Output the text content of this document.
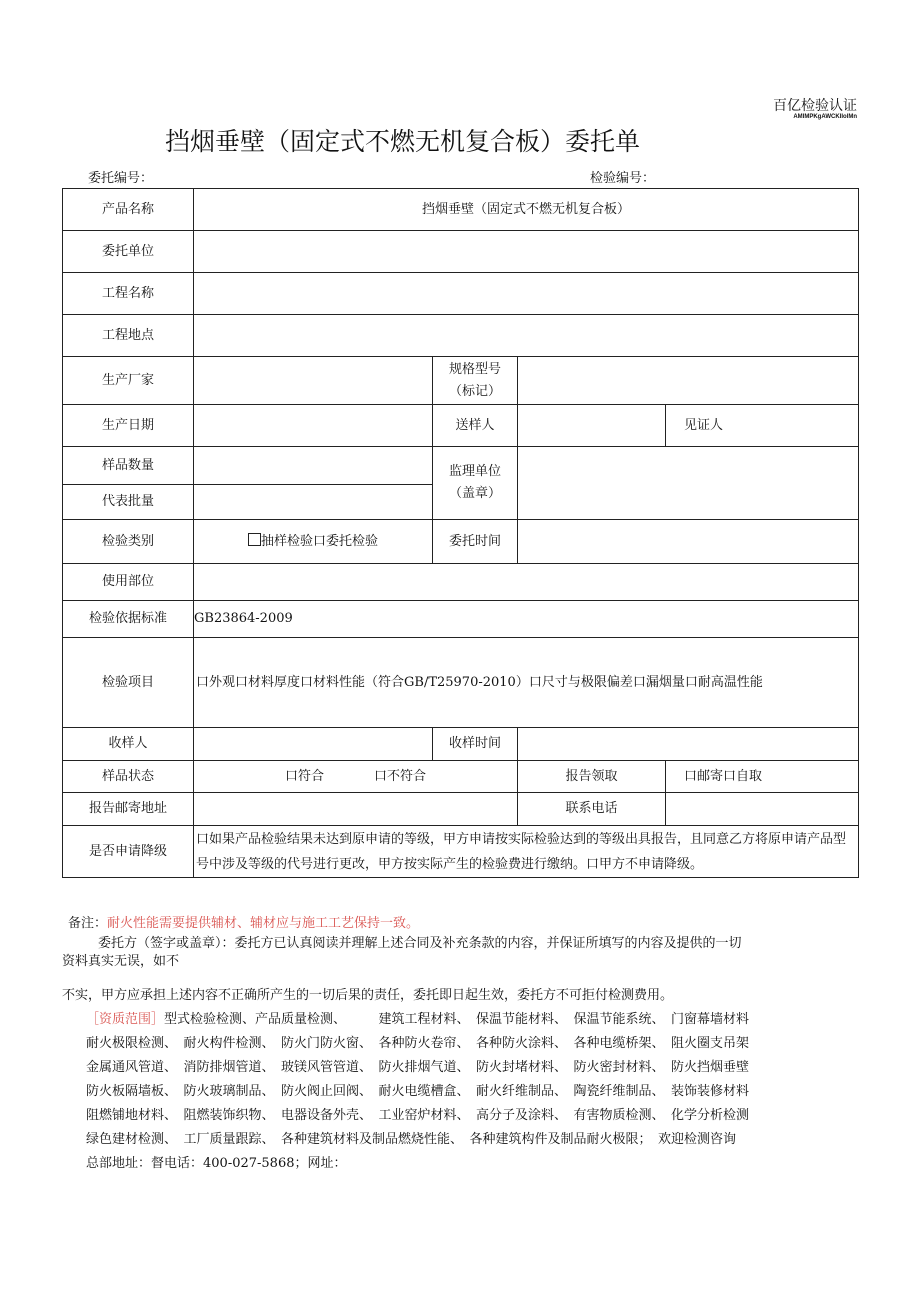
百亿检验认证
AMIMPKgAWCKIIolMn
挡烟垂壁（固定式不燃无机复合板）委托单
委托编号：	检验编号：
产品名称	挡烟垂壁（固定式不燃无机复合板）			
委托单位				
工程名称				
工程地点				
生产厂家		规格型号
（标记）		
生产日期		送样人		见证人
样品数量		监理单位
（盖章）		
代表批量				
检验类别	抽样检验口委托检验	委托时间		
使用部位				
检验依据标准	GB23864-2009			
检验项目	口外观口材料厚度口材料性能（符合GB/T25970-2010）口尺寸与极限偏差口漏烟量口耐高温性能			
收样人		收样时间		
样品状态	口符合 口不符合		报告领取	口邮寄口自取
报告邮寄地址			联系电话	
是否申请降级	口如果产品检验结果未达到原申请的等级，甲方申请按实际检验达到的等级出具报告，且同意乙方将原申请产品型号中涉及等级的代号进行更改，甲方按实际产生的检验费进行缴纳。口甲方不申请降级。			
备注：耐火性能需要提供辅材、辅材应与施工工艺保持一致。
委托方（签字或盖章）：委托方已认真阅读并理解上述合同及补充条款的内容，并保证所填写的内容及提供的一切
资料真实无误，如不
不实，甲方应承担上述内容不正确所产生的一切后果的责任，委托即日起生效，委托方不可拒付检测费用。
［资质范围］型式检验检测、产品质量检测、　　　建筑工程材料、　保温节能材料、　保温节能系统、　门窗幕墙材料
耐火极限检测、　耐火构件检测、　防火门防火窗、　各种防火卷帘、　各种防火涂料、　各种电缆桥架、　阻火圈支吊架
金属通风管道、　消防排烟管道、　玻镁风管管道、　防火排烟气道、　防火封堵材料、　防火密封材料、　防火挡烟垂壁
防火板隔墙板、　防火玻璃制品、　防火阀止回阀、　耐火电缆槽盒、　耐火纤维制品、　陶瓷纤维制品、　装饰装修材料
阻燃铺地材料、　阻燃装饰织物、　电器设备外壳、　工业窑炉材料、　高分子及涂料、　有害物质检测、　化学分析检测
绿色建材检测、　工厂质量跟踪、　各种建筑材料及制品燃烧性能、　各种建筑构件及制品耐火极限；　欢迎检测咨询
总部地址：督电话：400-027-5868；网址：
